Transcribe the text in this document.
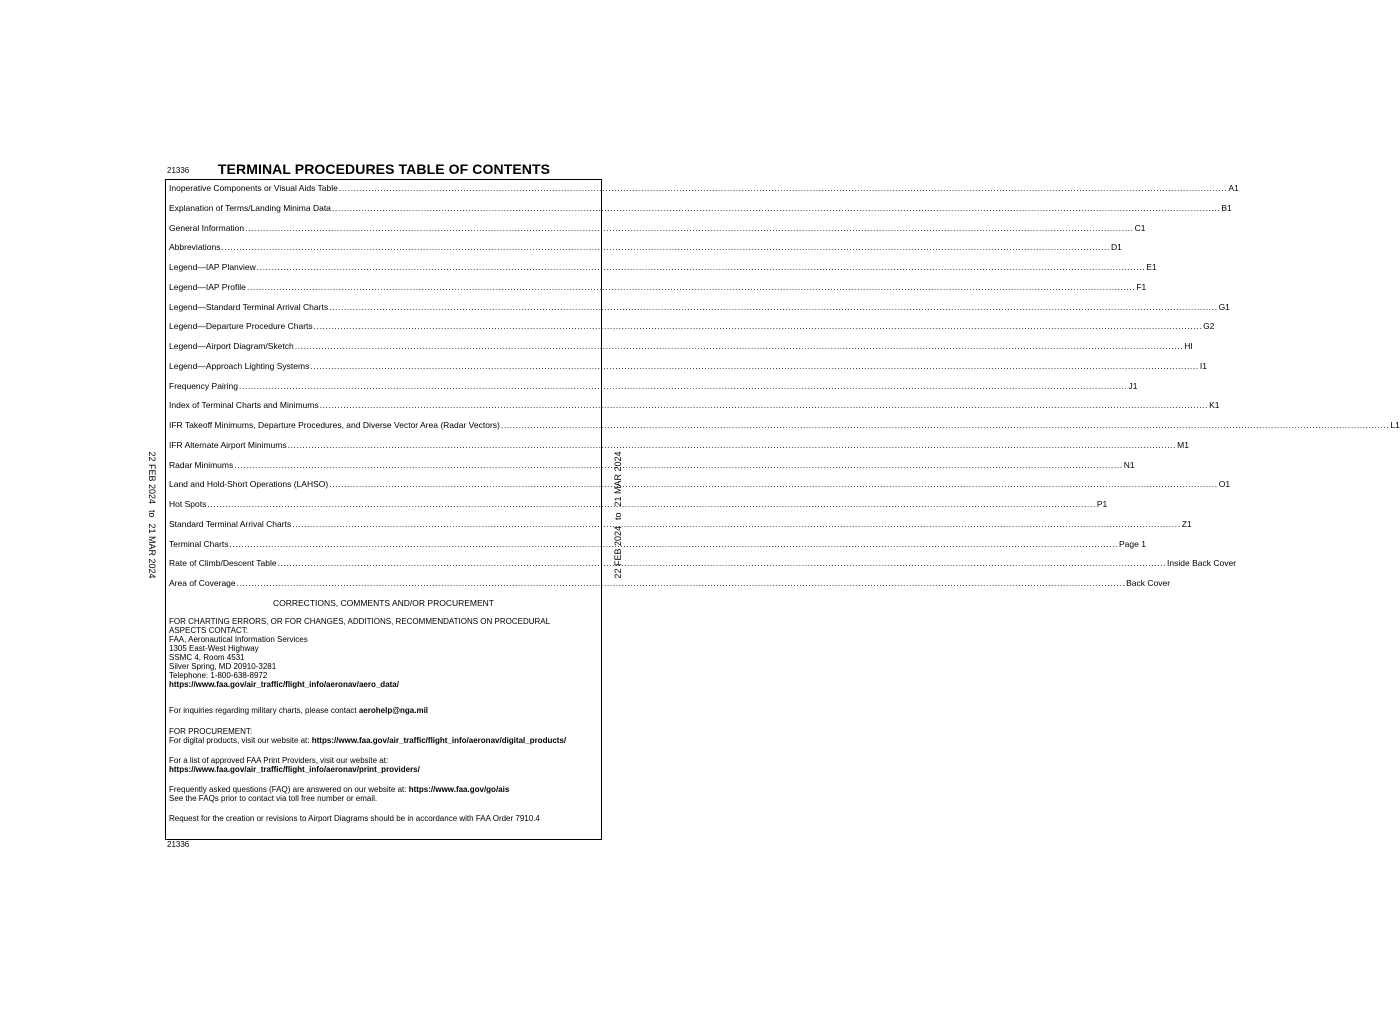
21336	TERMINAL PROCEDURES TABLE OF CONTENTS
22 FEB 2024to21 MAR 2024	22 FEB 2024to21 MAR 2024
Inoperative Components or Visual Aids Table ............................................................................................................................................................................................................................................................................................................ A1
Explanation of Terms/Landing Minima Data ............................................................................................................................................................................................................................................................................................................ B1
General Information ............................................................................................................................................................................................................................................................................................................ C1
Abbreviations ............................................................................................................................................................................................................................................................................................................ D1
Legend—IAP Planview ............................................................................................................................................................................................................................................................................................................ E1
Legend—IAP Profile ............................................................................................................................................................................................................................................................................................................ F1
Legend—Standard Terminal Arrival Charts ............................................................................................................................................................................................................................................................................................................ G1
Legend—Departure Procedure Charts ............................................................................................................................................................................................................................................................................................................ G2
Legend—Airport Diagram/Sketch ............................................................................................................................................................................................................................................................................................................ HI
Legend—Approach Lighting Systems ............................................................................................................................................................................................................................................................................................................ I1
Frequency Pairing ............................................................................................................................................................................................................................................................................................................ J1
Index of Terminal Charts and Minimums ............................................................................................................................................................................................................................................................................................................ K1
IFR Takeoff Minimums, Departure Procedures, and Diverse Vector Area (Radar Vectors) ............................................................................................................................................................................................................................................................................................................ L1
IFR Alternate Airport Minimums ............................................................................................................................................................................................................................................................................................................ M1
Radar Minimums ............................................................................................................................................................................................................................................................................................................ N1
Land and Hold-Short Operations (LAHSO) ............................................................................................................................................................................................................................................................................................................ O1
Hot Spots ............................................................................................................................................................................................................................................................................................................ P1
Standard Terminal Arrival Charts ............................................................................................................................................................................................................................................................................................................ Z1
Terminal Charts ............................................................................................................................................................................................................................................................................................................ Page 1
Rate of Climb/Descent Table ............................................................................................................................................................................................................................................................................................................ Inside Back Cover
Area of Coverage ............................................................................................................................................................................................................................................................................................................ Back Cover
CORRECTIONS, COMMENTS AND/OR PROCUREMENT
FOR CHARTING ERRORS, OR FOR CHANGES, ADDITIONS, RECOMMENDATIONS ON PROCEDURAL
ASPECTS CONTACT:
FAA, Aeronautical Information Services
1305 East-West Highway
SSMC 4, Room 4531
Silver Spring, MD 20910-3281
Telephone: 1-800-638-8972
https://www.faa.gov/air_traffic/flight_info/aeronav/aero_data/
For inquiries regarding military charts, please contact aerohelp@nga.mil
FOR PROCUREMENT:
For digital products, visit our website at: https://www.faa.gov/air_traffic/flight_info/aeronav/digital_products/
For a list of approved FAA Print Providers, visit our website at:
https://www.faa.gov/air_traffic/flight_info/aeronav/print_providers/
Frequently asked questions (FAQ) are answered on our website at: https://www.faa.gov/go/ais
See the FAQs prior to contact via toll free number or email.
Request for the creation or revisions to Airport Diagrams should be in accordance with FAA Order 7910.4
21336
